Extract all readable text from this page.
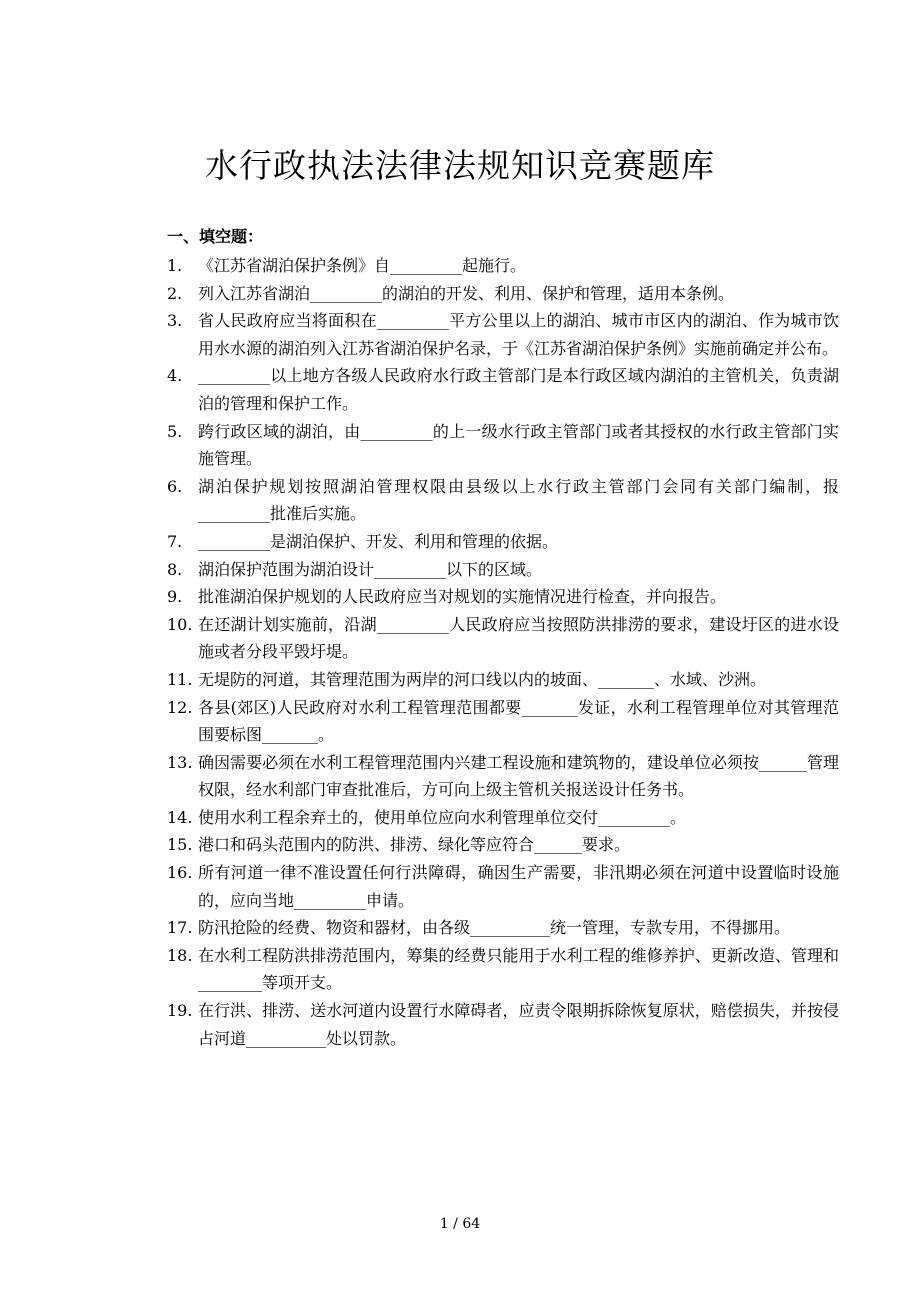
水行政执法法律法规知识竞赛题库
一、填空题：
1. 《江苏省湖泊保护条例》自_________起施行。
2. 列入江苏省湖泊_________的湖泊的开发、利用、保护和管理，适用本条例。
3. 省人民政府应当将面积在_________平方公里以上的湖泊、城市市区内的湖泊、作为城市饮用水水源的湖泊列入江苏省湖泊保护名录，于《江苏省湖泊保护条例》实施前确定并公布。
4. _________以上地方各级人民政府水行政主管部门是本行政区域内湖泊的主管机关，负责湖泊的管理和保护工作。
5. 跨行政区域的湖泊，由_________的上一级水行政主管部门或者其授权的水行政主管部门实施管理。
6. 湖泊保护规划按照湖泊管理权限由县级以上水行政主管部门会同有关部门编制，报_________批准后实施。
7. _________是湖泊保护、开发、利用和管理的依据。
8. 湖泊保护范围为湖泊设计_________以下的区域。
9. 批准湖泊保护规划的人民政府应当对规划的实施情况进行检查，并向报告。
10. 在还湖计划实施前，沿湖_________人民政府应当按照防洪排涝的要求，建设圩区的进水设施或者分段平毁圩堤。
11. 无堤防的河道，其管理范围为两岸的河口线以内的坡面、_______、水域、沙洲。
12. 各县(郊区)人民政府对水利工程管理范围都要_______发证，水利工程管理单位对其管理范围要标图_______。
13. 确因需要必须在水利工程管理范围内兴建工程设施和建筑物的，建设单位必须按______管理权限，经水利部门审查批准后，方可向上级主管机关报送设计任务书。
14. 使用水利工程余弃土的，使用单位应向水利管理单位交付_________。
15. 港口和码头范围内的防洪、排涝、绿化等应符合______要求。
16. 所有河道一律不准设置任何行洪障碍，确因生产需要，非汛期必须在河道中设置临时设施的，应向当地_________申请。
17. 防汛抢险的经费、物资和器材，由各级__________统一管理，专款专用，不得挪用。
18. 在水利工程防洪排涝范围内，筹集的经费只能用于水利工程的维修养护、更新改造、管理和________等项开支。
19. 在行洪、排涝、送水河道内设置行水障碍者，应责令限期拆除恢复原状，赔偿损失，并按侵占河道__________处以罚款。
1 / 64
